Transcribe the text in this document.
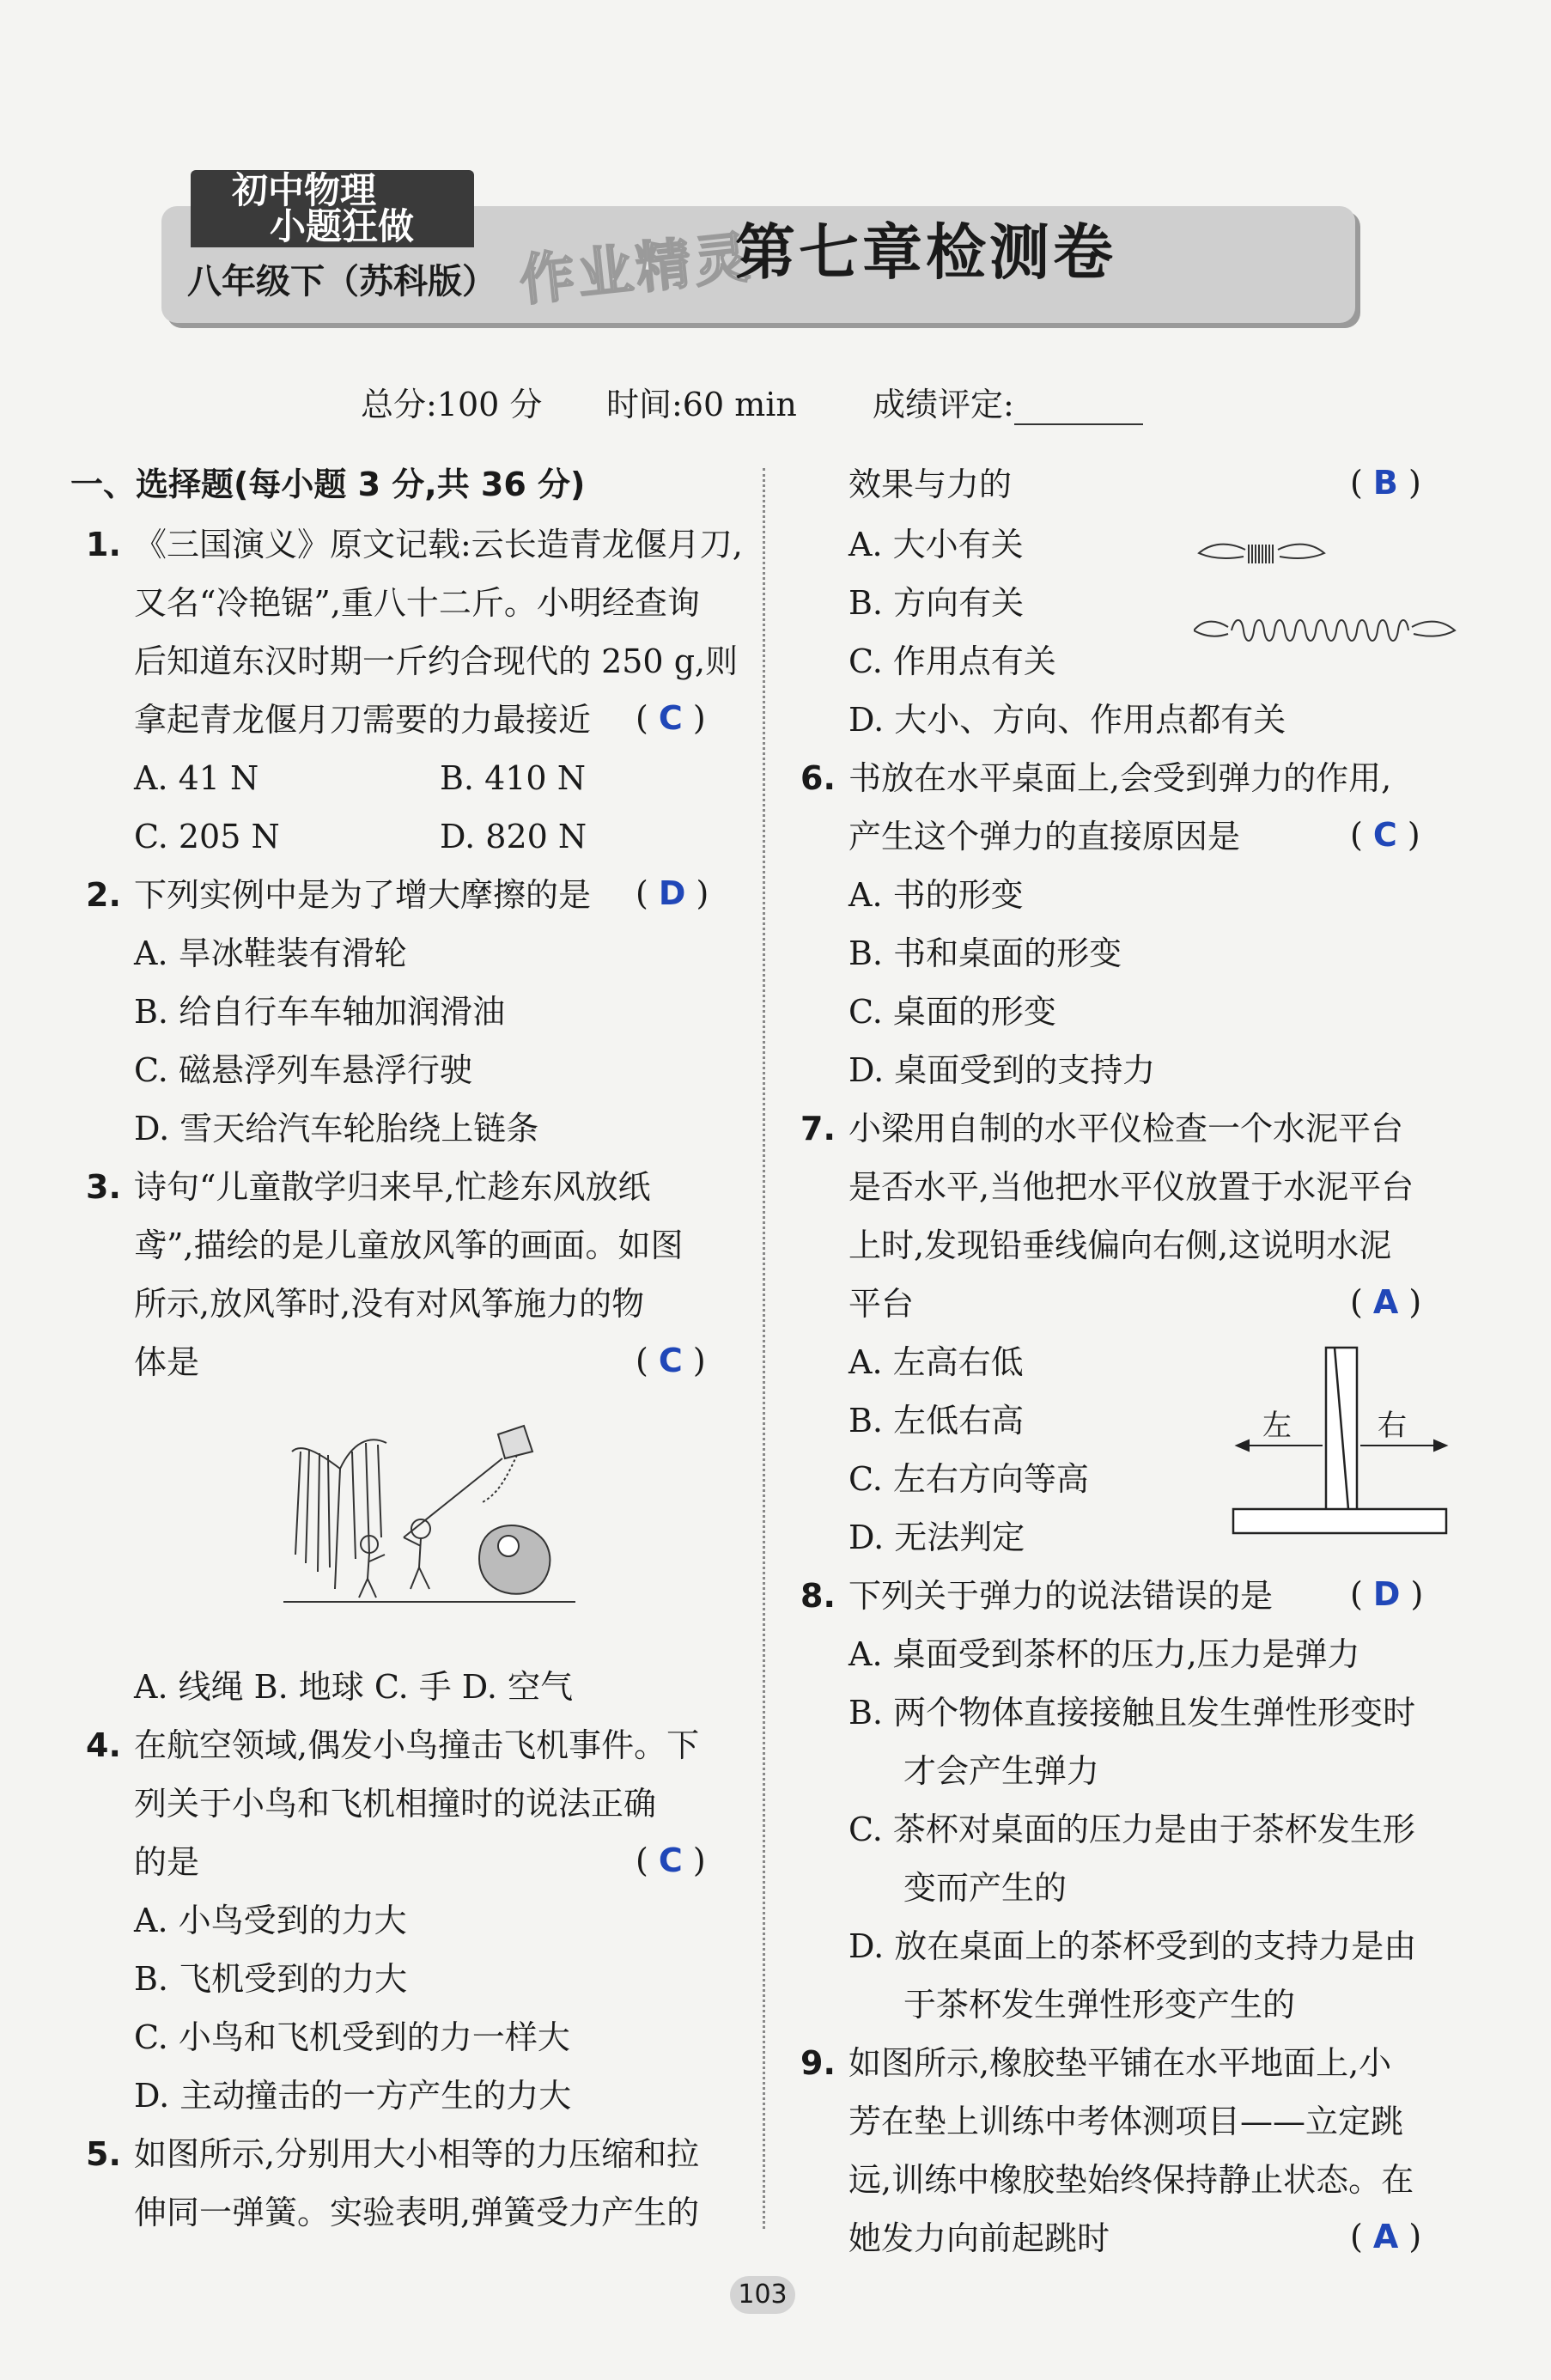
初中物理
小题狂做
八年级下（苏科版） 作业精灵
第七章检测卷
总分:100 分 时间:60 min 成绩评定:
一、选择题(每小题 3 分,共 36 分)
1. 《三国演义》原文记载:云长造青龙偃月刀,
又名“冷艳锯”,重八十二斤。小明经查询
后知道东汉时期一斤约合现代的 250 g,则
拿起青龙偃月刀需要的力最接近 ( C )
A. 41 N	B. 410 N
C. 205 N	D. 820 N
2. 下列实例中是为了增大摩擦的是 ( D )
A. 旱冰鞋装有滑轮
B. 给自行车车轴加润滑油
C. 磁悬浮列车悬浮行驶
D. 雪天给汽车轮胎绕上链条
3. 诗句“儿童散学归来早,忙趁东风放纸
鸢”,描绘的是儿童放风筝的画面。如图
所示,放风筝时,没有对风筝施力的物
体是	( C )
A. 线绳 B. 地球 C. 手 D. 空气
4. 在航空领域,偶发小鸟撞击飞机事件。下
列关于小鸟和飞机相撞时的说法正确
的是	( C )
A. 小鸟受到的力大
B. 飞机受到的力大
C. 小鸟和飞机受到的力一样大
D. 主动撞击的一方产生的力大
5. 如图所示,分别用大小相等的力压缩和拉
伸同一弹簧。实验表明,弹簧受力产生的
效果与力的	( B )
A. 大小有关
B. 方向有关
C. 作用点有关
D. 大小、方向、作用点都有关
6. 书放在水平桌面上,会受到弹力的作用,
产生这个弹力的直接原因是	( C )
A. 书的形变
B. 书和桌面的形变
C. 桌面的形变
D. 桌面受到的支持力
7. 小梁用自制的水平仪检查一个水泥平台
是否水平,当他把水平仪放置于水泥平台
上时,发现铅垂线偏向右侧,这说明水泥
平台	( A )
A. 左高右低
B. 左低右高
C. 左右方向等高
D. 无法判定
左	右
8. 下列关于弹力的说法错误的是 ( D )
A. 桌面受到茶杯的压力,压力是弹力
B. 两个物体直接接触且发生弹性形变时
才会产生弹力
C. 茶杯对桌面的压力是由于茶杯发生形
变而产生的
D. 放在桌面上的茶杯受到的支持力是由
于茶杯发生弹性形变产生的
9. 如图所示,橡胶垫平铺在水平地面上,小
芳在垫上训练中考体测项目——立定跳
远,训练中橡胶垫始终保持静止状态。在
她发力向前起跳时	( A )
103
